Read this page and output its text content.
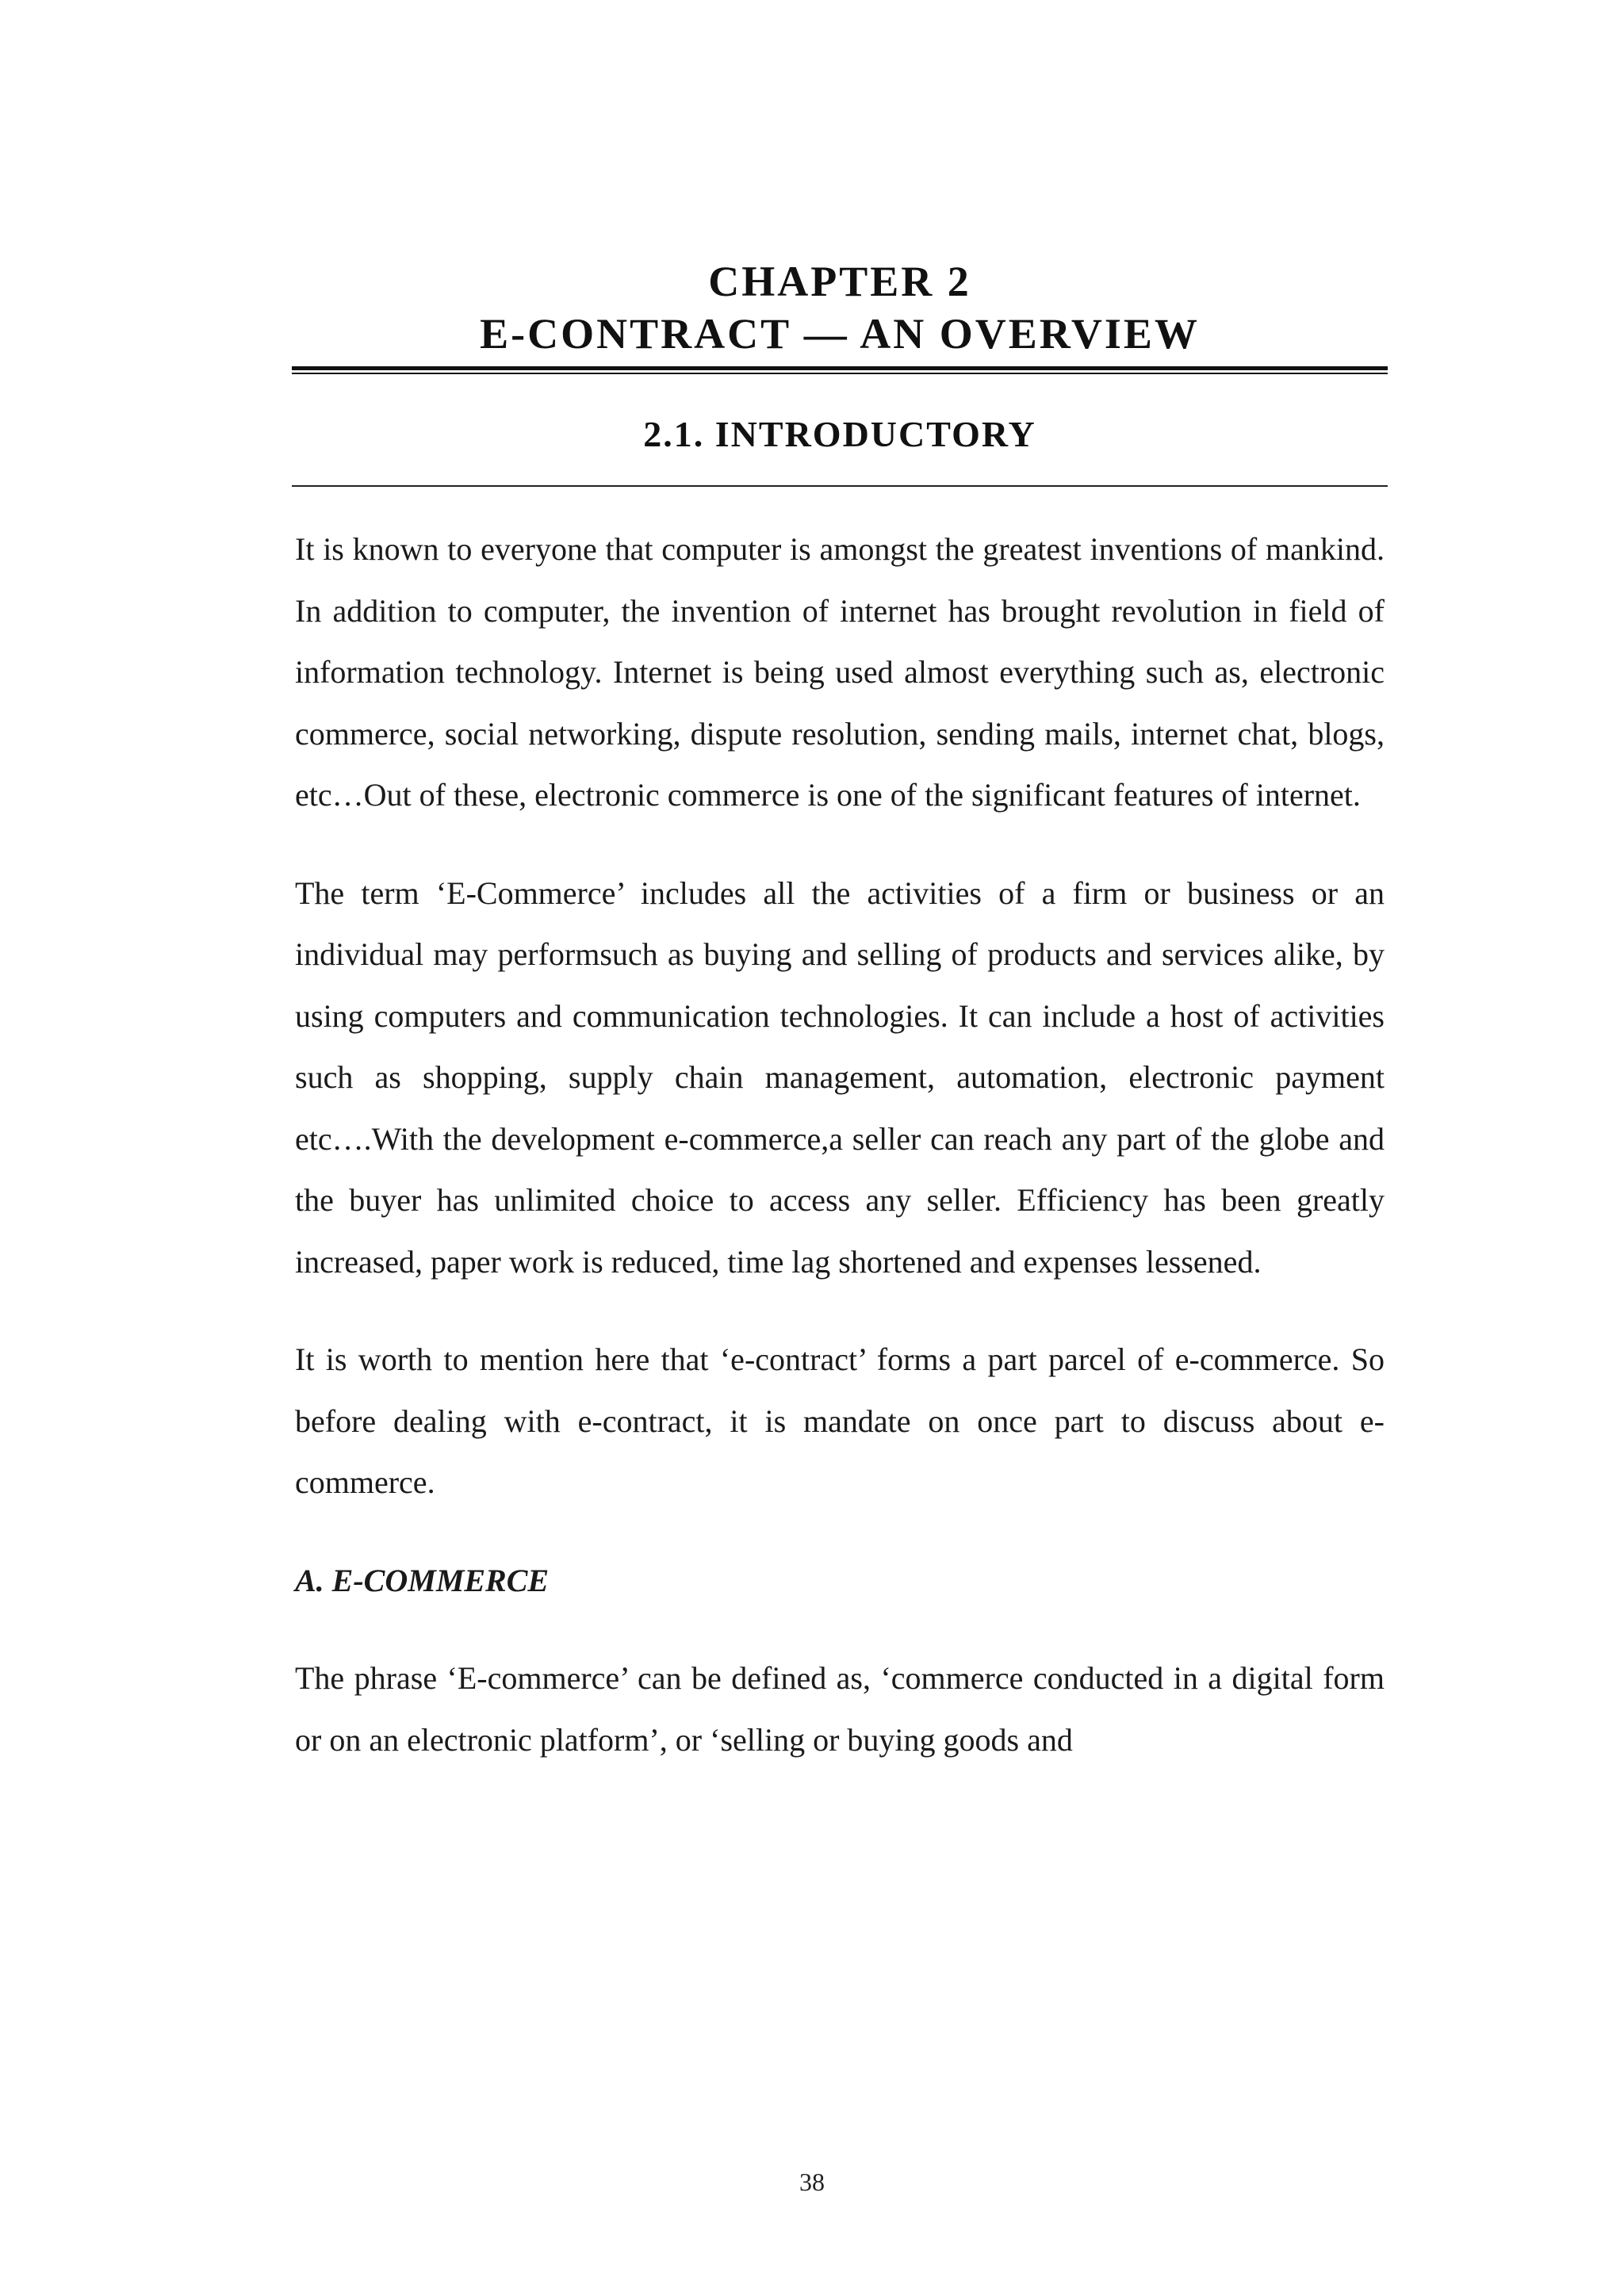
CHAPTER 2

E-CONTRACT — AN OVERVIEW

2.1. INTRODUCTORY

It is known to everyone that computer is amongst the greatest inventions of mankind. In addition to computer, the invention of internet has brought revolution in field of information technology. Internet is being used almost everything such as, electronic commerce, social networking, dispute resolution, sending mails, internet chat, blogs, etc…Out of these, electronic commerce is one of the significant features of internet.

The term ‘E-Commerce’ includes all the activities of a firm or business or an individual may performsuch as buying and selling of products and services alike, by using computers and communication technologies. It can include a host of activities such as shopping, supply chain management, automation, electronic payment etc….With the development e-commerce,a seller can reach any part of the globe and the buyer has unlimited choice to access any seller. Efficiency has been greatly increased, paper work is reduced, time lag shortened and expenses lessened.

It is worth to mention here that ‘e-contract’ forms a part parcel of e-commerce. So before dealing with e-contract, it is mandate on once part to discuss about e-commerce.

A. E-COMMERCE

The phrase ‘E-commerce’ can be defined as, ‘commerce conducted in a digital form or on an electronic platform’, or ‘selling or buying goods and

38
